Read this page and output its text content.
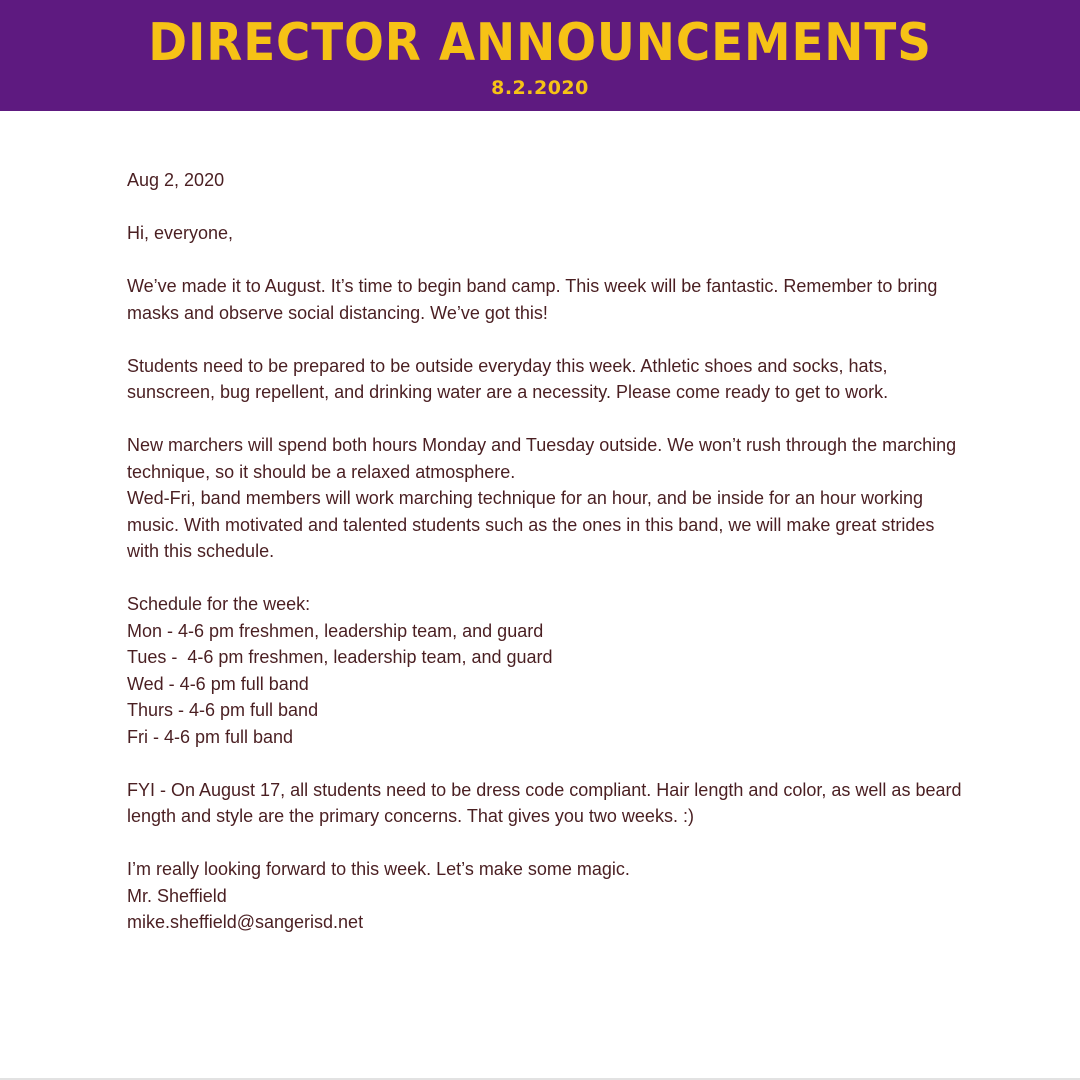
DIRECTOR ANNOUNCEMENTS
8.2.2020

Aug 2, 2020

Hi, everyone,

We’ve made it to August. It’s time to begin band camp. This week will be fantastic. Remember to bring masks and observe social distancing. We’ve got this!

Students need to be prepared to be outside everyday this week. Athletic shoes and socks, hats, sunscreen, bug repellent, and drinking water are a necessity. Please come ready to get to work.

New marchers will spend both hours Monday and Tuesday outside. We won’t rush through the marching technique, so it should be a relaxed atmosphere.

Wed-Fri, band members will work marching technique for an hour, and be inside for an hour working music. With motivated and talented students such as the ones in this band, we will make great strides with this schedule.

Schedule for the week:
Mon - 4-6 pm freshmen, leadership team, and guard
Tues -  4-6 pm freshmen, leadership team, and guard
Wed - 4-6 pm full band
Thurs - 4-6 pm full band
Fri - 4-6 pm full band

FYI - On August 17, all students need to be dress code compliant. Hair length and color, as well as beard length and style are the primary concerns. That gives you two weeks. :)

I’m really looking forward to this week. Let’s make some magic.
Mr. Sheffield
mike.sheffield@sangerisd.net
